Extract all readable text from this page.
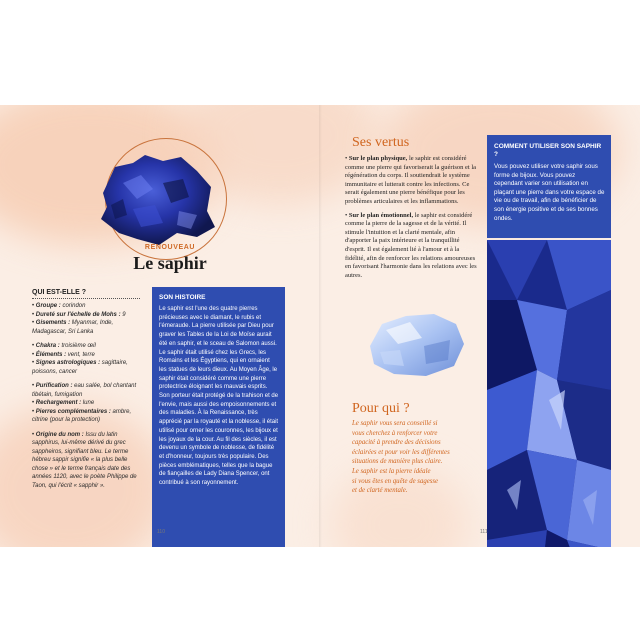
RENOUVEAU
Le saphir
QUI EST-ELLE ?
• Groupe : corindon
• Dureté sur l'échelle de Mohs : 9
• Gisements : Myanmar, Inde, Madagascar, Sri Lanka
• Chakra : troisième œil
• Éléments : vent, terre
• Signes astrologiques : sagittaire, poissons, cancer
• Purification : eau salée, bol chantant tibétain, fumigation
• Rechargement : lune
• Pierres complémentaires : ambre, citrine (pour la protection)
• Origine du nom : Issu du latin sapphirus, lui-même dérivé du grec sappheiros, signifiant bleu. Le terme hébreu sappir signifie « la plus belle chose » et le terme français date des années 1120, avec le poète Philippe de Taon, qui l'écrit « sapphir ».
SON HISTOIRE
Le saphir est l'une des quatre pierres précieuses avec le diamant, le rubis et l'émeraude. La pierre utilisée par Dieu pour graver les Tables de la Loi de Moïse aurait été en saphir, et le sceau de Salomon aussi. Le saphir était utilisé chez les Grecs, les Romains et les Égyptiens, qui en ornaient les statues de leurs dieux. Au Moyen Âge, le saphir était considéré comme une pierre protectrice éloignant les mauvais esprits. Son porteur était protégé de la trahison et de l'envie, mais aussi des empoisonnements et des maladies. À la Renaissance, très apprécié par la royauté et la noblesse, il était utilisé pour orner les couronnes, les bijoux et les joyaux de la cour. Au fil des siècles, il est devenu un symbole de noblesse, de fidélité et d'honneur, toujours très populaire. Des pièces emblématiques, telles que la bague de fiançailles de Lady Diana Spencer, ont contribué à son rayonnement.
110
Ses vertus

• Sur le plan physique, le saphir est considéré comme une pierre qui favoriserait la guérison et la régénération du corps. Il soutiendrait le système immunitaire et lutterait contre les infections. Ce serait également une pierre bénéfique pour les problèmes articulaires et les inflammations.

• Sur le plan émotionnel, le saphir est considéré comme la pierre de la sagesse et de la vérité. Il stimule l'intuition et la clarté mentale, afin d'apporter la paix intérieure et la tranquillité d'esprit. Il est également lié à l'amour et à la fidélité, afin de renforcer les relations amoureuses en favorisant l'harmonie dans les relations avec les autres.

Pour qui ?
Le saphir vous sera conseillé si
vous cherchez à renforcer votre
capacité à prendre des décisions
éclairées et pour voir les différentes
situations de manière plus claire.
Le saphir est la pierre idéale
si vous êtes en quête de sagesse
et de clarté mentale.
COMMENT UTILISER SON SAPHIR ?
Vous pouvez utiliser votre saphir sous forme de bijoux. Vous pouvez cependant varier son utilisation en plaçant une pierre dans votre espace de vie ou de travail, afin de bénéficier de son énergie positive et de ses bonnes ondes.
111
